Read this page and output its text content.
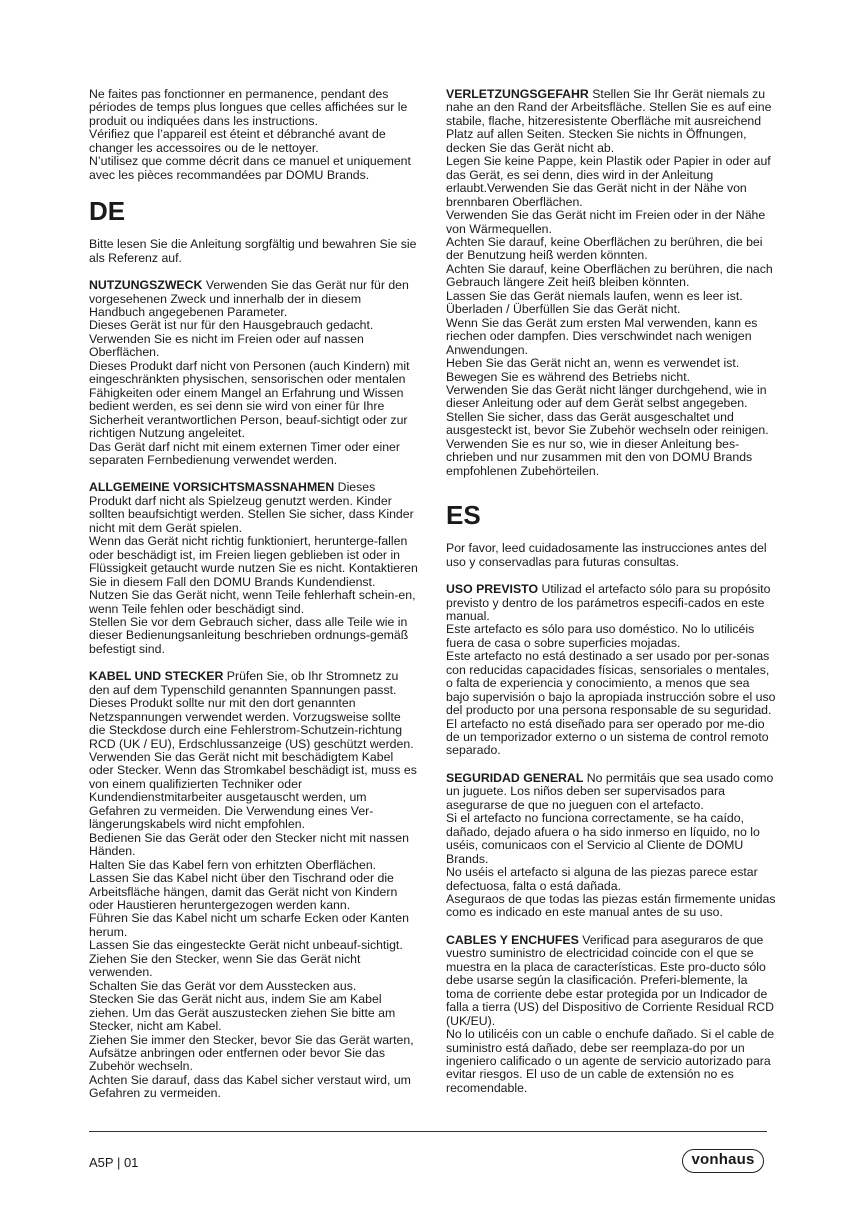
Ne faites pas fonctionner en permanence, pendant des périodes de temps plus longues que celles affichées sur le produit ou indiquées dans les instructions.

Vérifiez que l’appareil est éteint et débranché avant de changer les accessoires ou de le nettoyer.

N’utilisez que comme décrit dans ce manuel et uniquement avec les pièces recommandées par DOMU Brands.

DE

Bitte lesen Sie die Anleitung sorgfältig und bewahren Sie sie als Referenz auf.

NUTZUNGSZWECK Verwenden Sie das Gerät nur für den vorgesehenen Zweck und innerhalb der in diesem Handbuch angegebenen Parameter.

Dieses Gerät ist nur für den Hausgebrauch gedacht. Verwenden Sie es nicht im Freien oder auf nassen Oberflächen.

Dieses Produkt darf nicht von Personen (auch Kindern) mit eingeschränkten physischen, sensorischen oder mentalen Fähigkeiten oder einem Mangel an Erfahrung und Wissen bedient werden, es sei denn sie wird von einer für Ihre Sicherheit verantwortlichen Person, beauf-sichtigt oder zur richtigen Nutzung angeleitet.

Das Gerät darf nicht mit einem externen Timer oder einer separaten Fernbedienung verwendet werden.

ALLGEMEINE VORSICHTSMASSNAHMEN Dieses Produkt darf nicht als Spielzeug genutzt werden. Kinder sollten beaufsichtigt werden. Stellen Sie sicher, dass Kinder nicht mit dem Gerät spielen.

Wenn das Gerät nicht richtig funktioniert, herunterge-fallen oder beschädigt ist, im Freien liegen geblieben ist oder in Flüssigkeit getaucht wurde nutzen Sie es nicht. Kontaktieren Sie in diesem Fall den DOMU Brands Kundendienst.

Nutzen Sie das Gerät nicht, wenn Teile fehlerhaft schein-en, wenn Teile fehlen oder beschädigt sind.

Stellen Sie vor dem Gebrauch sicher, dass alle Teile wie in dieser Bedienungsanleitung beschrieben ordnungs-gemäß befestigt sind.

KABEL UND STECKER Prüfen Sie, ob Ihr Stromnetz zu den auf dem Typenschild genannten Spannungen passt. Dieses Produkt sollte nur mit den dort genannten Netzspannungen verwendet werden. Vorzugsweise sollte die Steckdose durch eine Fehlerstrom-Schutzein-richtung RCD (UK / EU), Erdschlussanzeige (US) geschützt werden.

Verwenden Sie das Gerät nicht mit beschädigtem Kabel oder Stecker. Wenn das Stromkabel beschädigt ist, muss es von einem qualifizierten Techniker oder Kundendienstmitarbeiter ausgetauscht werden, um Gefahren zu vermeiden. Die Verwendung eines Ver-längerungskabels wird nicht empfohlen.

Bedienen Sie das Gerät oder den Stecker nicht mit nassen Händen.

Halten Sie das Kabel fern von erhitzten Oberflächen.

Lassen Sie das Kabel nicht über den Tischrand oder die Arbeitsfläche hängen, damit das Gerät nicht von Kindern oder Haustieren heruntergezogen werden kann.

Führen Sie das Kabel nicht um scharfe Ecken oder Kanten herum.

Lassen Sie das eingesteckte Gerät nicht unbeauf-sichtigt. Ziehen Sie den Stecker, wenn Sie das Gerät nicht verwenden.

Schalten Sie das Gerät vor dem Ausstecken aus.

Stecken Sie das Gerät nicht aus, indem Sie am Kabel ziehen. Um das Gerät auszustecken ziehen Sie bitte am Stecker, nicht am Kabel.

Ziehen Sie immer den Stecker, bevor Sie das Gerät warten, Aufsätze anbringen oder entfernen oder bevor Sie das Zubehör wechseln.

Achten Sie darauf, dass das Kabel sicher verstaut wird, um Gefahren zu vermeiden.

VERLETZUNGSGEFAHR Stellen Sie Ihr Gerät niemals zu nahe an den Rand der Arbeitsfläche. Stellen Sie es auf eine stabile, flache, hitzeresistente Oberfläche mit ausreichend Platz auf allen Seiten. Stecken Sie nichts in Öffnungen, decken Sie das Gerät nicht ab.

Legen Sie keine Pappe, kein Plastik oder Papier in oder auf das Gerät, es sei denn, dies wird in der Anleitung erlaubt.Verwenden Sie das Gerät nicht in der Nähe von brennbaren Oberflächen.

Verwenden Sie das Gerät nicht im Freien oder in der Nähe von Wärmequellen.

Achten Sie darauf, keine Oberflächen zu berühren, die bei der Benutzung heiß werden könnten.

Achten Sie darauf, keine Oberflächen zu berühren, die nach Gebrauch längere Zeit heiß bleiben könnten.

Lassen Sie das Gerät niemals laufen, wenn es leer ist.

Überladen / Überfüllen Sie das Gerät nicht.

Wenn Sie das Gerät zum ersten Mal verwenden, kann es riechen oder dampfen. Dies verschwindet nach wenigen Anwendungen.

Heben Sie das Gerät nicht an, wenn es verwendet ist.

Bewegen Sie es während des Betriebs nicht.

Verwenden Sie das Gerät nicht länger durchgehend, wie in dieser Anleitung oder auf dem Gerät selbst angegeben.

Stellen Sie sicher, dass das Gerät ausgeschaltet und ausgesteckt ist, bevor Sie Zubehör wechseln oder reinigen.

Verwenden Sie es nur so, wie in dieser Anleitung bes-chrieben und nur zusammen mit den von DOMU Brands empfohlenen Zubehörteilen.

ES

Por favor, leed cuidadosamente las instrucciones antes del uso y conservadlas para futuras consultas.

USO PREVISTO Utilizad el artefacto sólo para su propósito previsto y dentro de los parámetros especifi-cados en este manual.

Este artefacto es sólo para uso doméstico. No lo utilicéis fuera de casa o sobre superficies mojadas.

Este artefacto no está destinado a ser usado por per-sonas con reducidas capacidades físicas, sensoriales o mentales, o falta de experiencia y conocimiento, a menos que sea bajo supervisión o bajo la apropiada instrucción sobre el uso del producto por una persona responsable de su seguridad.

El artefacto no está diseñado para ser operado por me-dio de un temporizador externo o un sistema de control remoto separado.

SEGURIDAD GENERAL No permitáis que sea usado como un juguete. Los niños deben ser supervisados para asegurarse de que no jueguen con el artefacto.

Si el artefacto no funciona correctamente, se ha caído, dañado, dejado afuera o ha sido inmerso en líquido, no lo uséis, comunicaos con el Servicio al Cliente de DOMU Brands.

No uséis el artefacto si alguna de las piezas parece estar defectuosa, falta o está dañada.

Aseguraos de que todas las piezas están firmemente unidas como es indicado en este manual antes de su uso.

CABLES Y ENCHUFES Verificad para aseguraros de que vuestro suministro de electricidad coincide con el que se muestra en la placa de características. Este pro-ducto sólo debe usarse según la clasificación. Preferi-blemente, la toma de corriente debe estar protegida por un Indicador de falla a tierra (US) del Dispositivo de Corriente Residual RCD (UK/EU).

No lo utilicéis con un cable o enchufe dañado. Si el cable de suministro está dañado, debe ser reemplaza-do por un ingeniero calificado o un agente de servicio autorizado para evitar riesgos. El uso de un cable de extensión no es recomendable.

A5P | 01	vonhaus
